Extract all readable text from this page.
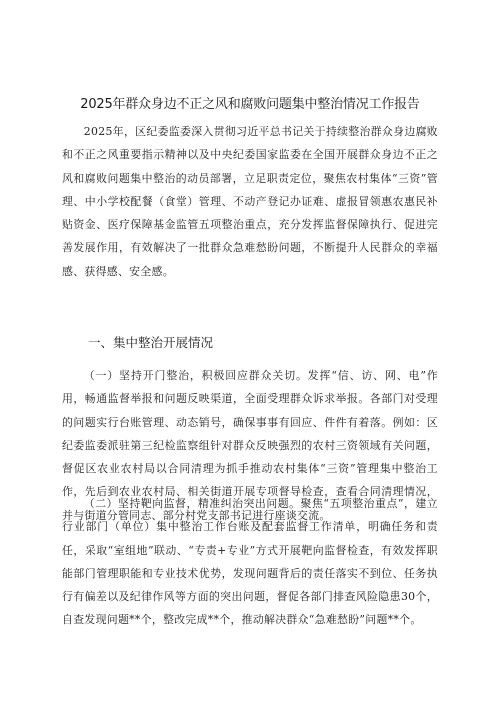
2025年群众身边不正之风和腐败问题集中整治情况工作报告

2025年，区纪委监委深入贯彻习近平总书记关于持续整治群众身边腐败和不正之风重要指示精神以及中央纪委国家监委在全国开展群众身边不正之风和腐败问题集中整治的动员部署，立足职责定位，聚焦农村集体“三资”管理、中小学校配餐（食堂）管理、不动产登记办证难、虚报冒领惠农惠民补贴资金、医疗保障基金监管五项整治重点，充分发挥监督保障执行、促进完善发展作用，有效解决了一批群众急难愁盼问题，不断提升人民群众的幸福感、获得感、安全感。

一、集中整治开展情况

（一）坚持开门整治，积极回应群众关切。发挥“信、访、网、电”作用，畅通监督举报和问题反映渠道，全面受理群众诉求举报。各部门对受理的问题实行台账管理、动态销号，确保事事有回应、件件有着落。例如：区纪委监委派驻第三纪检监察组针对群众反映强烈的农村三资领域有关问题，督促区农业农村局以合同清理为抓手推动农村集体“三资”管理集中整治工作，先后到农业农村局、相关街道开展专项督导检查，查看合同清理情况，并与街道分管同志、部分村党支部书记进行座谈交流。

（二）坚持靶向监督，精准纠治突出问题。聚焦“五项整治重点”，建立行业部门（单位）集中整治工作台账及配套监督工作清单，明确任务和责任，采取“室组地”联动、“专责+专业”方式开展靶向监督检查，有效发挥职能部门管理职能和专业技术优势，发现问题背后的责任落实不到位、任务执行有偏差以及纪律作风等方面的突出问题，督促各部门排查风险隐患30个，自查发现问题**个，整改完成**个，推动解决群众“急难愁盼”问题**个。
